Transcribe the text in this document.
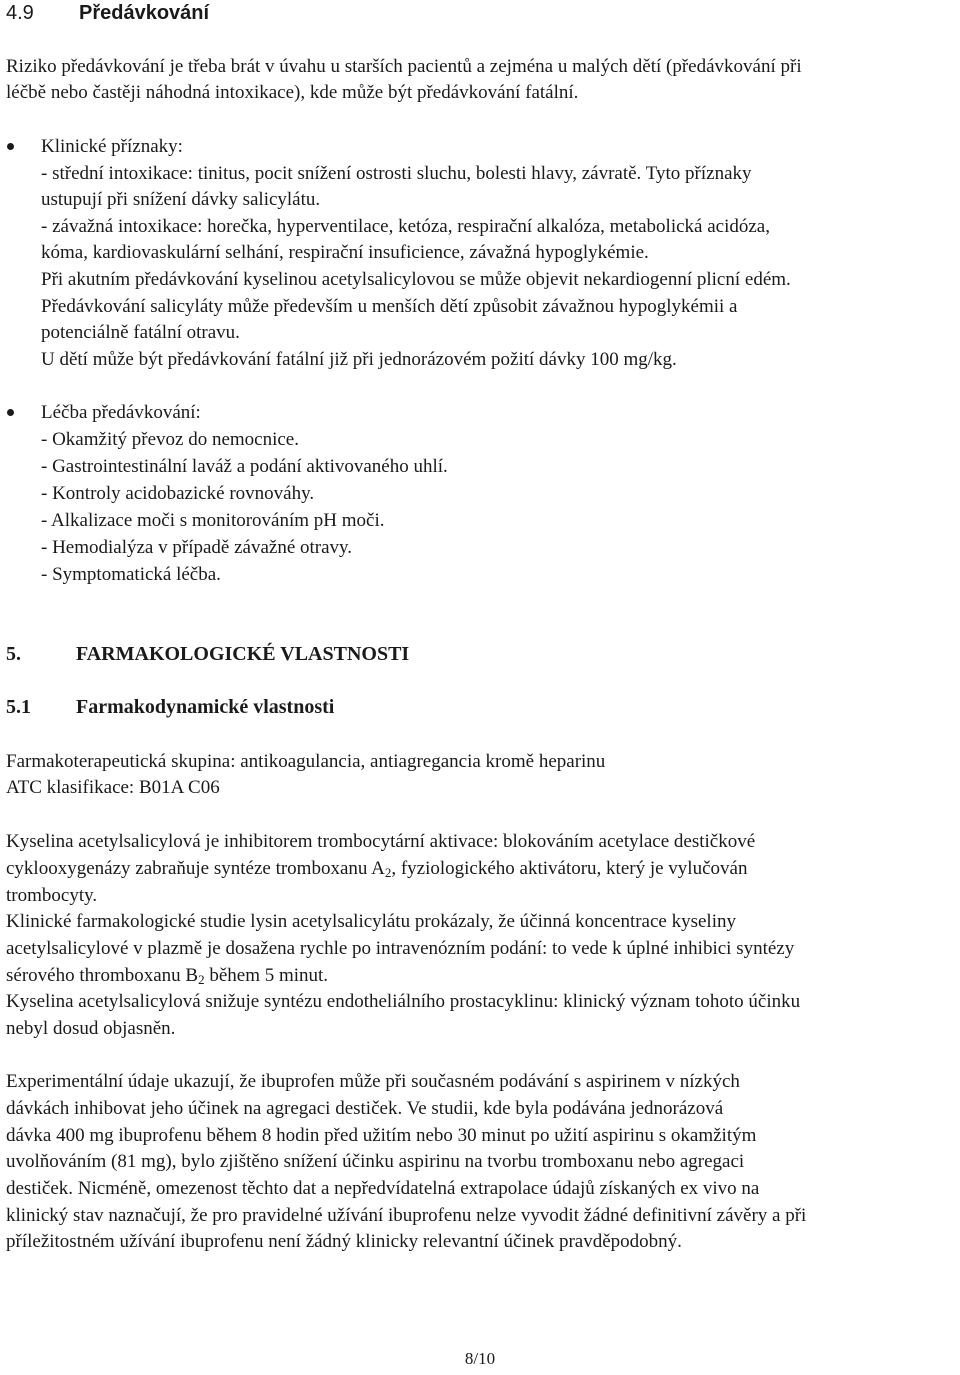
4.9 Předávkování
Riziko předávkování je třeba brát v úvahu u starších pacientů a zejména u malých dětí (předávkování při
léčbě nebo častěji náhodná intoxikace), kde může být předávkování fatální.
Klinické příznaky:
- střední intoxikace: tinitus, pocit snížení ostrosti sluchu, bolesti hlavy, závratě. Tyto příznaky
ustupují při snížení dávky salicylátu.
- závažná intoxikace: horečka, hyperventilace, ketóza, respirační alkalóza, metabolická acidóza,
kóma, kardiovaskulární selhání, respirační insuficience, závažná hypoglykémie.
Při akutním předávkování kyselinou acetylsalicylovou se může objevit nekardiogenní plicní edém.
Předávkování salicyláty může především u menších dětí způsobit závažnou hypoglykémii a
potenciálně fatální otravu.
U dětí může být předávkování fatální již při jednorázovém požití dávky 100 mg/kg.
Léčba předávkování:
- Okamžitý převoz do nemocnice.
- Gastrointestinální laváž a podání aktivovaného uhlí.
- Kontroly acidobazické rovnováhy.
- Alkalizace moči s monitorováním pH moči.
- Hemodialýza v případě závažné otravy.
- Symptomatická léčba.
5.	FARMAKOLOGICKÉ VLASTNOSTI
5.1 Farmakodynamické vlastnosti
Farmakoterapeutická skupina: antikoagulancia, antiagregancia kromě heparinu
ATC klasifikace: B01A C06
Kyselina acetylsalicylová je inhibitorem trombocytární aktivace: blokováním acetylace destičkové
cyklooxygenázy zabraňuje syntéze tromboxanu $A_2$, fyziologického aktivátoru, který je vylučován
trombocyty.
Klinické farmakologické studie lysin acetylsalicylátu prokázaly, že účinná koncentrace kyseliny
acetylsalicylové v plazmě je dosažena rychle po intravenózním podání: to vede k úplné inhibici syntézy
sérového thromboxanu $B_2$ během 5 minut.
Kyselina acetylsalicylová snižuje syntézu endotheliálního prostacyklinu: klinický význam tohoto účinku
nebyl dosud objasněn.
Experimentální údaje ukazují, že ibuprofen může při současném podávání s aspirinem v nízkých
dávkách inhibovat jeho účinek na agregaci destiček. Ve studii, kde byla podávána jednorázová
dávka 400 mg ibuprofenu během 8 hodin před užitím nebo 30 minut po užití aspirinu s okamžitým
uvolňováním (81 mg), bylo zjištěno snížení účinku aspirinu na tvorbu tromboxanu nebo agregaci
destiček. Nicméně, omezenost těchto dat a nepředvídatelná extrapolace údajů získaných ex vivo na
klinický stav naznačují, že pro pravidelné užívání ibuprofenu nelze vyvodit žádné definitivní závěry a při
příležitostném užívání ibuprofenu není žádný klinicky relevantní účinek pravděpodobný.
8/10
